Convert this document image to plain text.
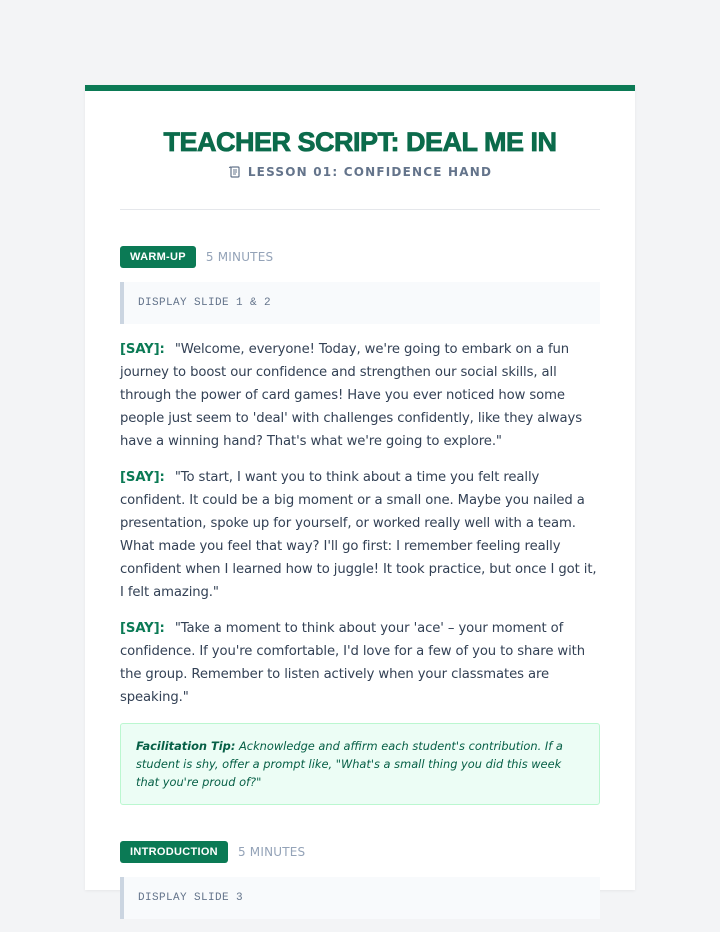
TEACHER SCRIPT: DEAL ME IN
LESSON 01: CONFIDENCE HAND
WARM-UP	5 MINUTES
DISPLAY SLIDE 1 & 2

[SAY]: "Welcome, everyone! Today, we're going to embark on a fun journey to boost our confidence and strengthen our social skills, all through the power of card games! Have you ever noticed how some people just seem to 'deal' with challenges confidently, like they always have a winning hand? That's what we're going to explore."

[SAY]: "To start, I want you to think about a time you felt really confident. It could be a big moment or a small one. Maybe you nailed a presentation, spoke up for yourself, or worked really well with a team. What made you feel that way? I'll go first: I remember feeling really confident when I learned how to juggle! It took practice, but once I got it, I felt amazing."

[SAY]: "Take a moment to think about your 'ace' – your moment of confidence. If you're comfortable, I'd love for a few of you to share with the group. Remember to listen actively when your classmates are speaking."

Facilitation Tip: Acknowledge and affirm each student's contribution. If a student is shy, offer a prompt like, "What's a small thing you did this week that you're proud of?"
INTRODUCTION	5 MINUTES
DISPLAY SLIDE 3
